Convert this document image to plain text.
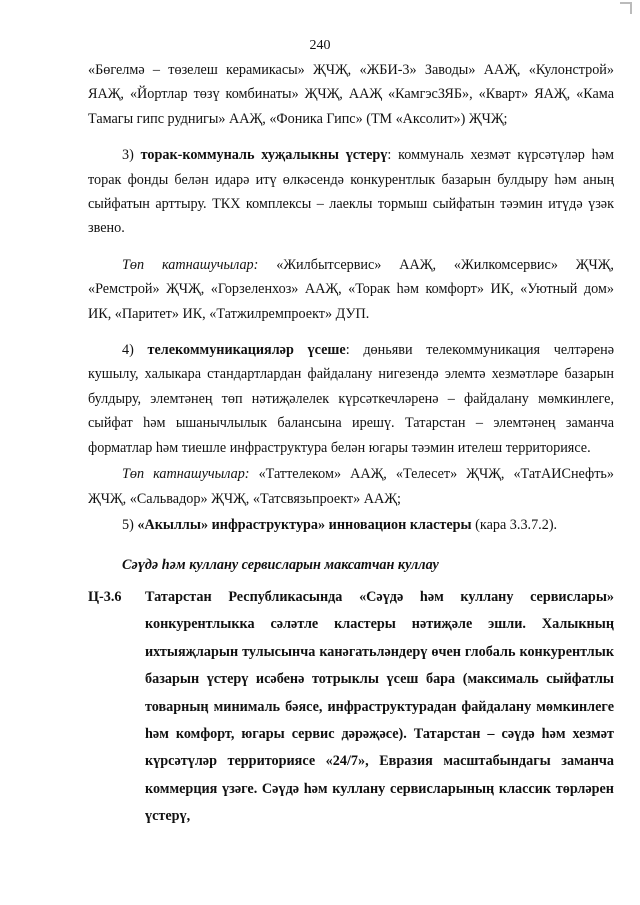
240

«Бөгелмә – төзелеш керамикасы» ҖЧҖ, «ЖБИ-3» Заводы» ААҖ, «Кулонстрой» ЯАҖ, «Йортлар төзү комбинаты» ҖЧҖ, ААҖ «КамгэсЗЯБ», «Кварт» ЯАҖ, «Кама Тамагы гипс руднигы» ААҖ, «Фоника Гипс» (ТМ «Аксолит») ҖЧҖ;

3) торак-коммуналь хуҗалыкны үстерү: коммуналь хезмәт күрсәтүләр һәм торак фонды белән идарә итү өлкәсендә конкурентлык базарын булдыру һәм аның сыйфатын арттыру. ТКХ комплексы – лаеклы тормыш сыйфатын тәэмин итүдә үзәк звено.

Төп катнашучылар: «Жилбытсервис» ААҖ, «Жилкомсервис» ҖЧҖ, «Ремстрой» ҖЧҖ, «Горзеленхоз» ААҖ, «Торак һәм комфорт» ИК, «Уютный дом» ИК, «Паритет» ИК, «Татжилремпроект» ДУП.

4) телекоммуникацияләр үсеше: дөньяви телекоммуникация челтәренә кушылу, халыкара стандартлардан файдалану нигезендә элемтә хезмәтләре базарын булдыру, элемтәнең төп нәтиҗәлелек күрсәткечләренә – файдалану мөмкинлеге, сыйфат һәм ышанычлылык балансына ирешү. Татарстан – элемтәнең заманча форматлар һәм тиешле инфраструктура белән югары тәэмин ителеш территориясе.

Төп катнашучылар: «Таттелеком» ААҖ, «Телесет» ҖЧҖ, «ТатАИСнефть» ҖЧҖ, «Сальвадор» ҖЧҖ, «Татсвязьпроект» ААҖ;

5) «Акыллы» инфраструктура» инновацион кластеры (кара 3.3.7.2).

Сәүдә һәм куллану сервисларын максатчан куллау

Ц-3.6 Татарстан Республикасында «Сәүдә һәм куллану сервислары» конкурентлыкка сәләтле кластеры нәтиҗәле эшли. Халыкның ихтыяҗларын тулысынча канәгатьләндерү өчен глобаль конкурентлык базарын үстерү исәбенә тотрыклы үсеш бара (максималь сыйфатлы товарның минималь бәясе, инфраструктурадан файдалану мөмкинлеге һәм комфорт, югары сервис дәрәҗәсе). Татарстан – сәүдә һәм хезмәт күрсәтүләр территориясе «24/7», Евразия масштабындагы заманча коммерция үзәге. Сәүдә һәм куллану сервисларының классик төрләрен үстерү,
